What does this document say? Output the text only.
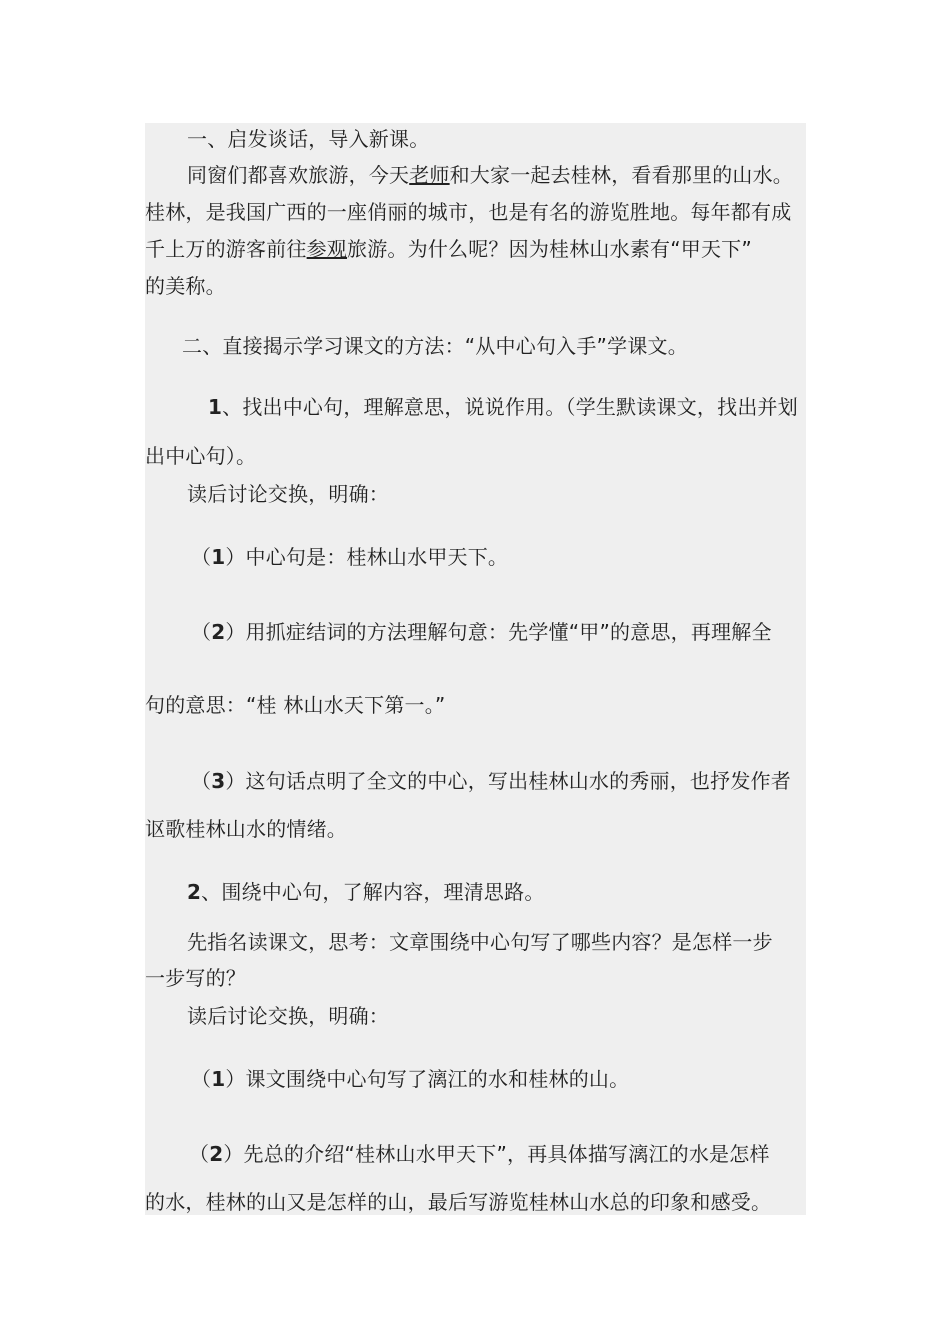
一、启发谈话，导入新课。
同窗们都喜欢旅游，今天老师和大家一起去桂林，看看那里的山水。
桂林，是我国广西的一座俏丽的城市，也是有名的游览胜地。每年都有成
千上万的游客前往参观旅游。为什么呢？因为桂林山水素有“甲天下”
的美称。
二、直接揭示学习课文的方法：“从中心句入手”学课文。
1、找出中心句，理解意思，说说作用。（学生默读课文，找出并划
出中心句）。
读后讨论交换，明确：
（1）中心句是：桂林山水甲天下。
（2）用抓症结词的方法理解句意：先学懂“甲”的意思，再理解全
句的意思：“桂 林山水天下第一。”
（3）这句话点明了全文的中心，写出桂林山水的秀丽，也抒发作者
讴歌桂林山水的情绪。
2、围绕中心句，了解内容，理清思路。
先指名读课文，思考：文章围绕中心句写了哪些内容？是怎样一步
一步写的？
读后讨论交换，明确：
（1）课文围绕中心句写了漓江的水和桂林的山。
（2）先总的介绍“桂林山水甲天下”，再具体描写漓江的水是怎样
的水，桂林的山又是怎样的山，最后写游览桂林山水总的印象和感受。
